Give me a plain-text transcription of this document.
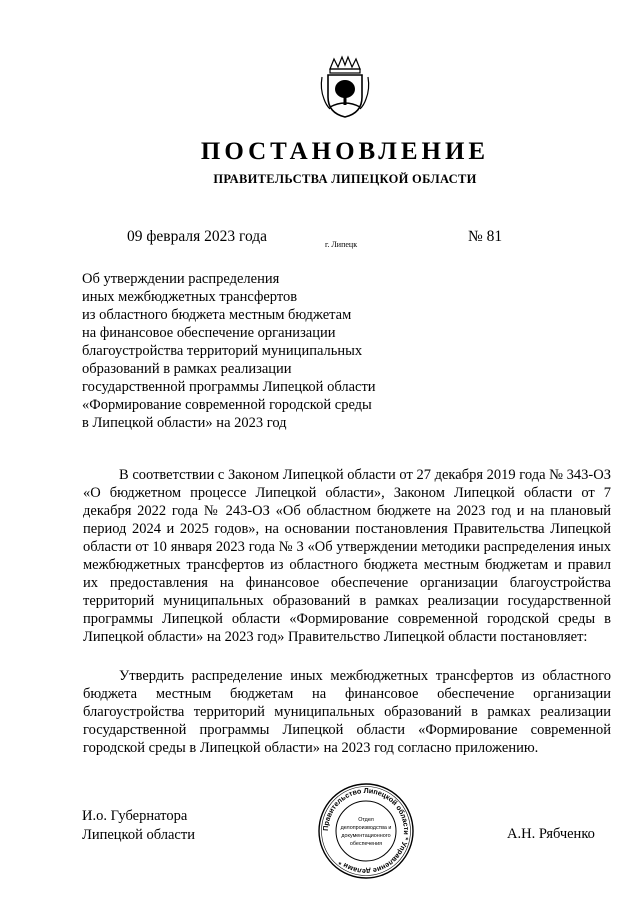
ПОСТАНОВЛЕНИЕ
ПРАВИТЕЛЬСТВА ЛИПЕЦКОЙ ОБЛАСТИ
09 февраля 2023 года	г. Липецк	№ 81
Об утверждении распределения
иных межбюджетных трансфертов
из областного бюджета местным бюджетам
на финансовое обеспечение организации
благоустройства территорий муниципальных
образований в рамках реализации
государственной программы Липецкой области
«Формирование современной городской среды
в Липецкой области» на 2023 год

В соответствии с Законом Липецкой области от 27 декабря 2019 года № 343-ОЗ «О бюджетном процессе Липецкой области», Законом Липецкой области от 7 декабря 2022 года № 243-ОЗ «Об областном бюджете на 2023 год и на плановый период 2024 и 2025 годов», на основании постановления Правительства Липецкой области от 10 января 2023 года № 3 «Об утверждении методики распределения иных межбюджетных трансфертов из областного бюджета местным бюджетам и правил их предоставления на финансовое обеспечение организации благоустройства территорий муниципальных образований в рамках реализации государственной программы Липецкой области «Формирование современной городской среды в Липецкой области» на 2023 год» Правительство Липецкой области постановляет:

Утвердить распределение иных межбюджетных трансфертов из областного бюджета местным бюджетам на финансовое обеспечение организации благоустройства территорий муниципальных образований в рамках реализации государственной программы Липецкой области «Формирование современной городской среды в Липецкой области» на 2023 год согласно приложению.

И.о. Губернатора
Липецкой области	А.Н. Рябченко
Правительство Липецкой области * Управление делами *
Отдел
делопроизводства и
документационного
обеспечения
